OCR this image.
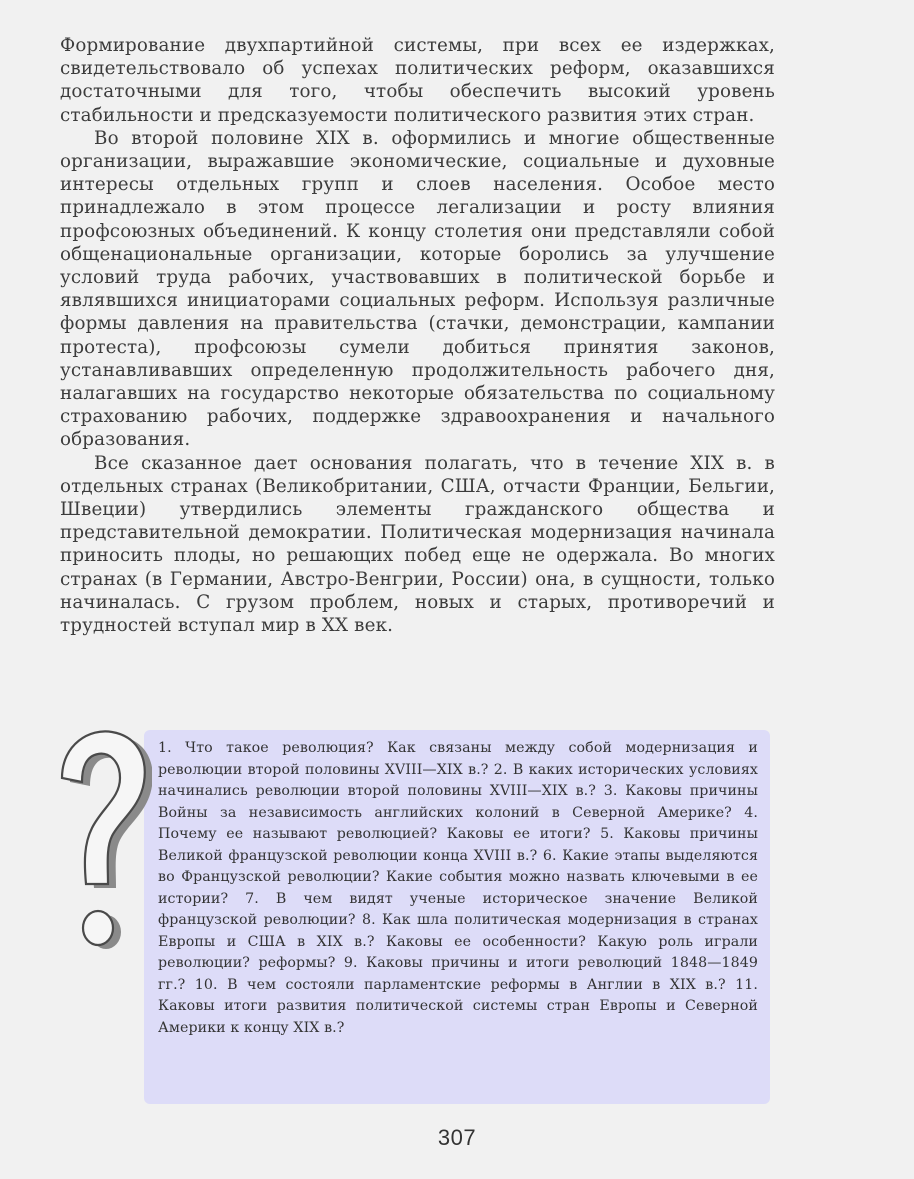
Формирование двухпартийной системы, при всех ее издержках, свидетельствовало об успехах политических реформ, оказавшихся достаточными для того, чтобы обеспечить высокий уровень стабильности и предсказуемости политического развития этих стран.

Во второй половине XIX в. оформились и многие общественные организации, выражавшие экономические, социальные и духовные интересы отдельных групп и слоев населения. Особое место принадлежало в этом процессе легализации и росту влияния профсоюзных объединений. К концу столетия они представляли собой общенациональные организации, которые боролись за улучшение условий труда рабочих, участвовавших в политической борьбе и являвшихся инициаторами социальных реформ. Используя различные формы давления на правительства (стачки, демонстрации, кампании протеста), профсоюзы сумели добиться принятия законов, устанавливавших определенную продолжительность рабочего дня, налагавших на государство некоторые обязательства по социальному страхованию рабочих, поддержке здравоохранения и начального образования.

Все сказанное дает основания полагать, что в течение XIX в. в отдельных странах (Великобритании, США, отчасти Франции, Бельгии, Швеции) утвердились элементы гражданского общества и представительной демократии. Политическая модернизация начинала приносить плоды, но решающих побед еще не одержала. Во многих странах (в Германии, Австро-Венгрии, России) она, в сущности, только начиналась. С грузом проблем, новых и старых, противоречий и трудностей вступал мир в XX век.

1. Что такое революция? Как связаны между собой модернизация и революции второй половины XVIII—XIX в.? 2. В каких исторических условиях начинались революции второй половины XVIII—XIX в.? 3. Каковы причины Войны за независимость английских колоний в Северной Америке? 4. Почему ее называют революцией? Каковы ее итоги? 5. Каковы причины Великой французской революции конца XVIII в.? 6. Какие этапы выделяются во Французской революции? Какие события можно назвать ключевыми в ее истории? 7. В чем видят ученые историческое значение Великой французской революции? 8. Как шла политическая модернизация в странах Европы и США в XIX в.? Каковы ее особенности? Какую роль играли революции? реформы? 9. Каковы причины и итоги революций 1848—1849 гг.? 10. В чем состояли парламентские реформы в Англии в XIX в.? 11. Каковы итоги развития политической системы стран Европы и Северной Америки к концу XIX в.?

307
